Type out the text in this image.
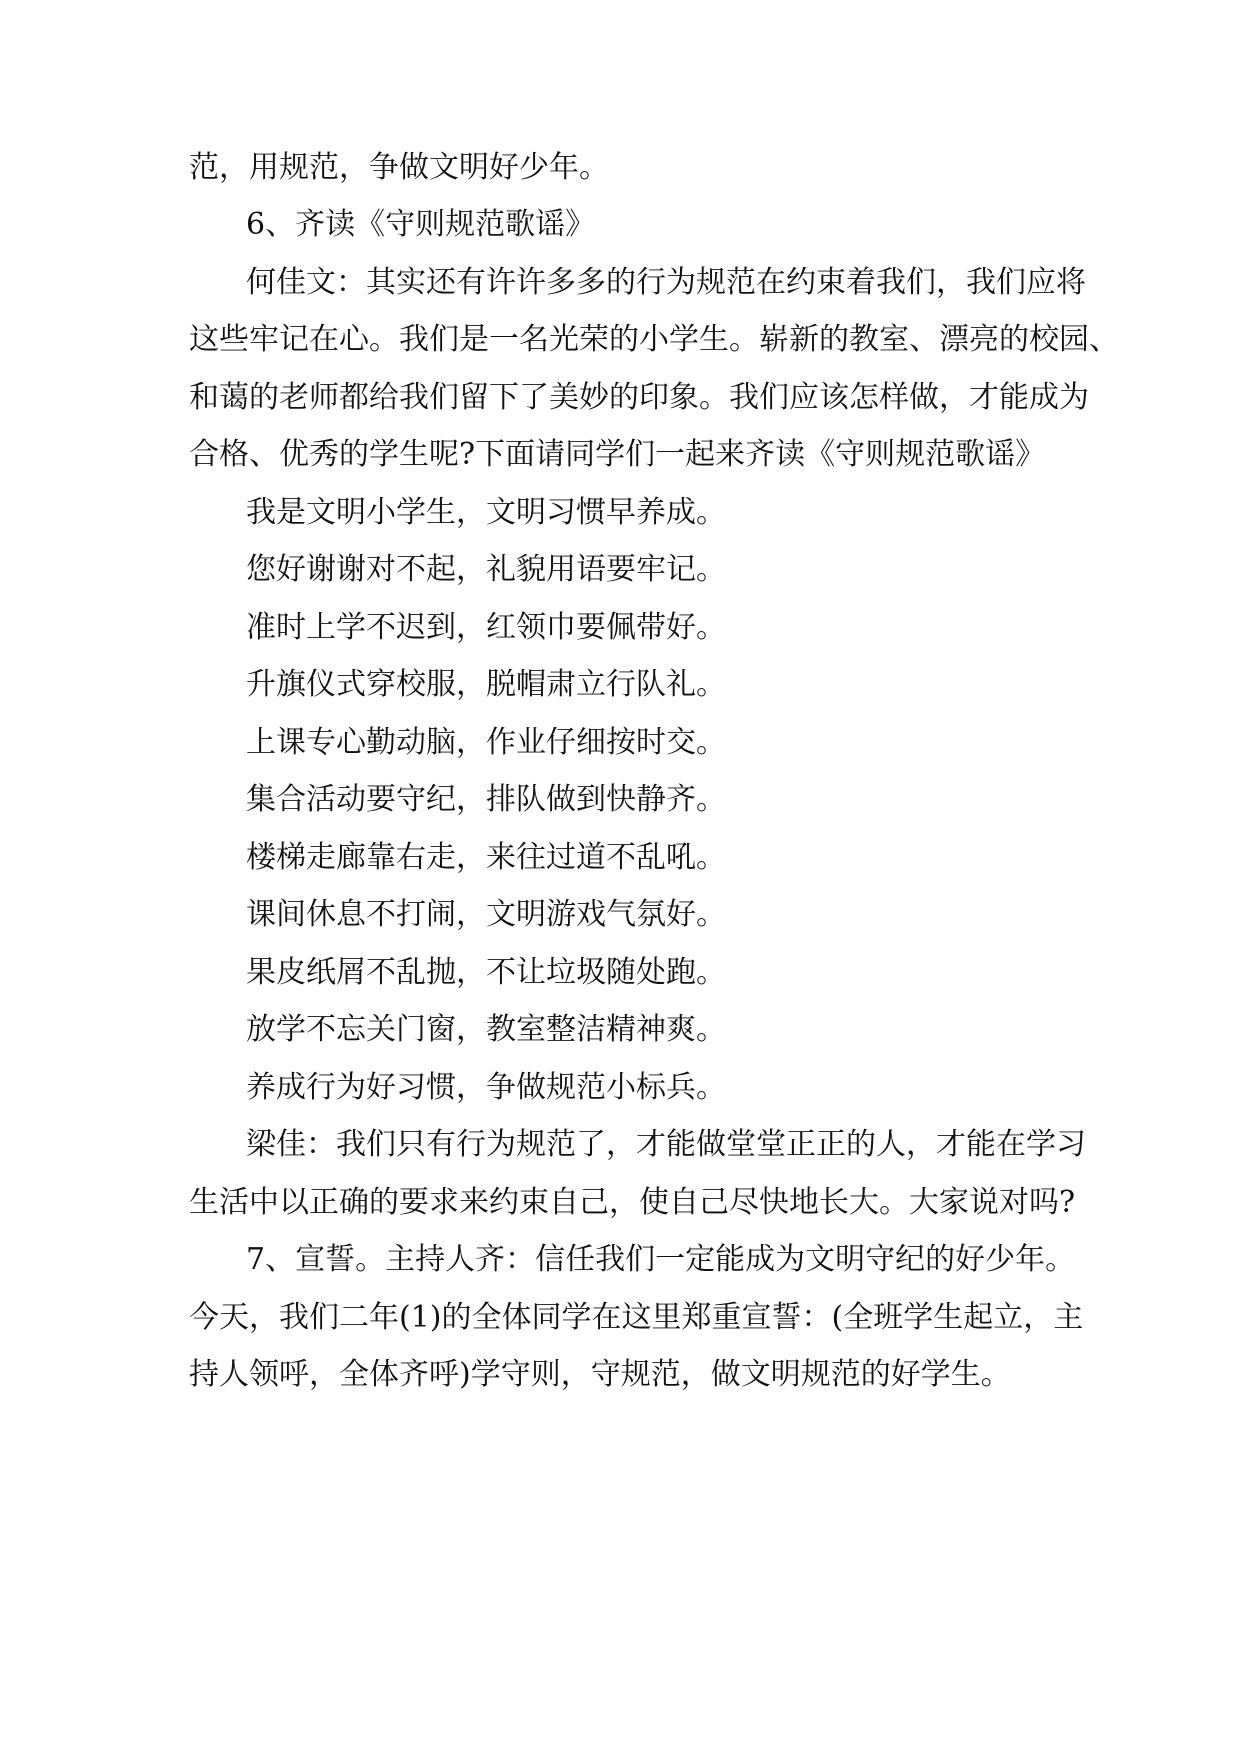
范，用规范，争做文明好少年。
6、齐读《守则规范歌谣》
何佳文：其实还有许许多多的行为规范在约束着我们，我们应将
这些牢记在心。我们是一名光荣的小学生。崭新的教室、漂亮的校园、
和蔼的老师都给我们留下了美妙的印象。我们应该怎样做，才能成为
合格、优秀的学生呢?下面请同学们一起来齐读《守则规范歌谣》
我是文明小学生，文明习惯早养成。
您好谢谢对不起，礼貌用语要牢记。
准时上学不迟到，红领巾要佩带好。
升旗仪式穿校服，脱帽肃立行队礼。
上课专心勤动脑，作业仔细按时交。
集合活动要守纪，排队做到快静齐。
楼梯走廊靠右走，来往过道不乱吼。
课间休息不打闹，文明游戏气氛好。
果皮纸屑不乱抛，不让垃圾随处跑。
放学不忘关门窗，教室整洁精神爽。
养成行为好习惯，争做规范小标兵。
梁佳：我们只有行为规范了，才能做堂堂正正的人，才能在学习
生活中以正确的要求来约束自己，使自己尽快地长大。大家说对吗?
7、宣誓。主持人齐：信任我们一定能成为文明守纪的好少年。
今天，我们二年(1)的全体同学在这里郑重宣誓：(全班学生起立，主
持人领呼，全体齐呼)学守则，守规范，做文明规范的好学生。
